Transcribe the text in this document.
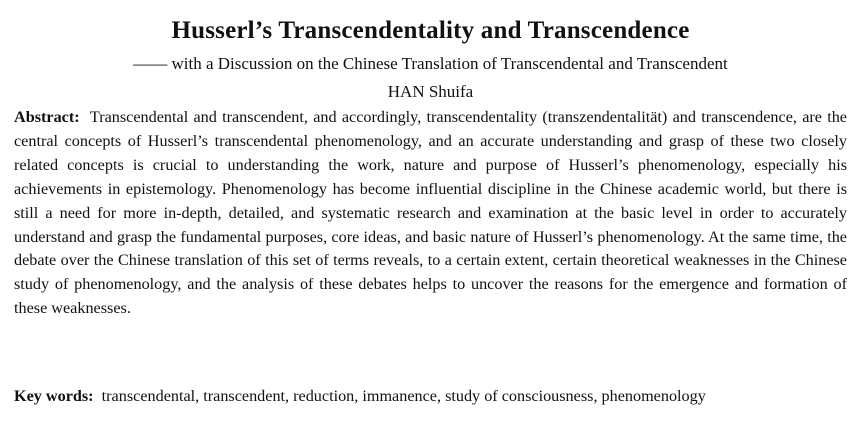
Husserl’s Transcendentality and Transcendence

—— with a Discussion on the Chinese Translation of Transcendental and Transcendent

HAN Shuifa

Abstract: Transcendental and transcendent, and accordingly, transcendentality (transzendentalität) and transcendence, are the central concepts of Husserl’s transcendental phenomenology, and an accurate understanding and grasp of these two closely related concepts is crucial to understanding the work, nature and purpose of Husserl’s phenomenology, especially his achievements in epistemology. Phenomenology has become influential discipline in the Chinese academic world, but there is still a need for more in-depth, detailed, and systematic research and examination at the basic level in order to accurately understand and grasp the fundamental purposes, core ideas, and basic nature of Husserl’s phenomenology. At the same time, the debate over the Chinese translation of this set of terms reveals, to a certain extent, certain theoretical weaknesses in the Chinese study of phenomenology, and the analysis of these debates helps to uncover the reasons for the emergence and formation of these weaknesses.

Key words: transcendental, transcendent, reduction, immanence, study of consciousness, phenomenology
